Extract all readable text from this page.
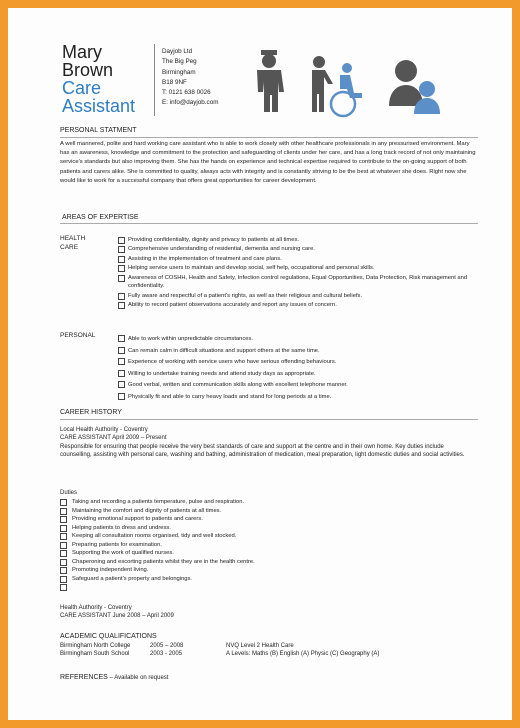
Mary
Brown
Care
Assistant
Dayjob Ltd
The Big Peg
Birmingham
B18 9NF
T: 0121 638 0026
E: info@dayjob.com
PERSONAL STATMENT
A well mannered, polite and hard working care assistant who is able to work closely with other healthcare professionals in any pressurised environment. Mary has an awareness, knowledge and commitment to the protection and safeguarding of clients under her care, and has a long track record of not only maintaining service's standards but also improving them. She has the hands on experience and technical expertise required to contribute to the on-going support of both patients and carers alike. She is committed to quality, always acts with integrity and is constantly striving to be the best at whatever she does. Right now she would like to work for a successful company that offers great opportunities for career development.
AREAS OF EXPERTISE
HEALTH
CARE
Providing confidentiality, dignity and privacy to patients at all times.
Comprehensive understanding of residential, dementia and nursing care.
Assisting in the implementation of treatment and care plans.
Helping service users to maintain and develop social, self help, occupational and personal skills.
Awareness of COSHH, Health and Safety, Infection control regulations, Equal Opportunities, Data Protection, Risk management and confidentiality.
Fully aware and respectful of a patient's rights, as well as their religious and cultural beliefs.
Ability to record patient observations accurately and report any issues of concern.
PERSONAL	Able to work within unpredictable circumstances.
Can remain calm in difficult situations and support others at the same time.
Experience of working with service users who have serious offending behaviours.
Willing to undertake training needs and attend study days as appropriate.
Good verbal, written and communication skills along with excellent telephone manner.
Physically fit and able to carry heavy loads and stand for long periods at a time.
CAREER HISTORY
Local Health Authority - Coventry
CARE ASSISTANT April 2009 – Present
Responsible for ensuring that people receive the very best standards of care and support at the centre and in their own home. Key duties include counselling, assisting with personal care, washing and bathing, administration of medication, meal preparation, light domestic duties and social activities.
Duties
Taking and recording a patients temperature, pulse and respiration.
Maintaining the comfort and dignity of patients at all times.
Providing emotional support to patients and carers.
Helping patients to dress and undress.
Keeping all consultation rooms organised, tidy and well stocked.
Preparing patients for examination.
Supporting the work of qualified nurses.
Chaperoning and escorting patients whilst they are in the health centre.
Promoting independent living.
Safeguard a patient's property and belongings.
Health Authority - Coventry
CARE ASSISTANT June 2008 – April 2009
ACADEMIC QUALIFICATIONS
Birmingham North College	2005 – 2008	NVQ Level 2 Health Care
Birmingham South School	2003 - 2005	A Levels: Maths (B) English (A) Physic (C) Geography (A)
REFERENCES – Available on request
